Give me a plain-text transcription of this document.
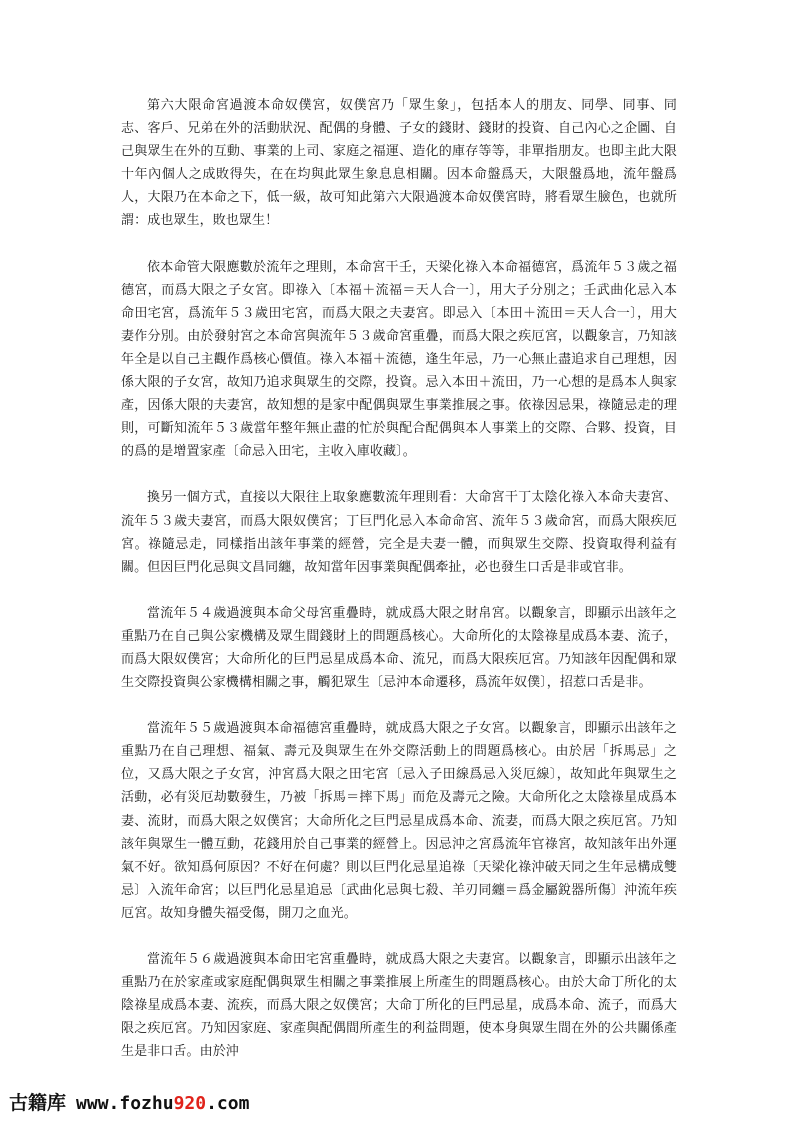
第六大限命宮過渡本命奴僕宮，奴僕宮乃「眾生象」，包括本人的朋友、同學、同事、同志、客戶、兄弟在外的活動狀況、配偶的身體、子女的錢財、錢財的投資、自己內心之企圖、自己與眾生在外的互動、事業的上司、家庭之福運、造化的庫存等等，非單指朋友。也即主此大限十年內個人之成敗得失，在在均與此眾生象息息相關。因本命盤爲天，大限盤爲地，流年盤爲人，大限乃在本命之下，低一級，故可知此第六大限過渡本命奴僕宮時，將看眾生臉色，也就所謂：成也眾生，敗也眾生！

依本命管大限應數於流年之理則，本命宮干壬，天梁化祿入本命福德宮，爲流年５３歲之福德宮，而爲大限之子女宮。即祿入〔本福＋流福＝天人合一〕，用大子分別之；壬武曲化忌入本命田宅宮，爲流年５３歲田宅宮，而爲大限之夫妻宮。即忌入〔本田＋流田＝天人合一〕，用大妻作分別。由於發射宮之本命宮與流年５３歲命宮重疊，而爲大限之疾厄宮，以觀象言，乃知該年全是以自己主觀作爲核心價值。祿入本福＋流德，逢生年忌，乃一心無止盡追求自己理想，因係大限的子女宮，故知乃追求與眾生的交際，投資。忌入本田＋流田，乃一心想的是爲本人與家產，因係大限的夫妻宮，故知想的是家中配偶與眾生事業推展之事。依祿因忌果，祿隨忌走的理則，可斷知流年５３歲當年整年無止盡的忙於與配合配偶與本人事業上的交際、合夥、投資，目的爲的是增置家產〔命忌入田宅，主收入庫收藏〕。

換另一個方式，直接以大限往上取象應數流年理則看：大命宮干丁太陰化祿入本命夫妻宮、流年５３歲夫妻宮，而爲大限奴僕宮；丁巨門化忌入本命命宮、流年５３歲命宮，而爲大限疾厄宮。祿隨忌走，同樣指出該年事業的經營，完全是夫妻一體，而與眾生交際、投資取得利益有關。但因巨門化忌與文昌同纏，故知當年因事業與配偶牽扯，必也發生口舌是非或官非。

當流年５４歲過渡與本命父母宮重疊時，就成爲大限之財帛宮。以觀象言，即顯示出該年之重點乃在自己與公家機構及眾生間錢財上的問題爲核心。大命所化的太陰祿星成爲本妻、流子，而爲大限奴僕宮；大命所化的巨門忌星成爲本命、流兄，而爲大限疾厄宮。乃知該年因配偶和眾生交際投資與公家機構相關之事，觸犯眾生〔忌沖本命遷移，爲流年奴僕〕，招惹口舌是非。

當流年５５歲過渡與本命福德宮重疊時，就成爲大限之子女宮。以觀象言，即顯示出該年之重點乃在自己理想、福氣、壽元及與眾生在外交際活動上的問題爲核心。由於居「拆馬忌」之位，又爲大限之子女宮，沖宮爲大限之田宅宮〔忌入子田線爲忌入災厄線〕，故知此年與眾生之活動，必有災厄劫數發生，乃被「拆馬＝摔下馬」而危及壽元之險。大命所化之太陰祿星成爲本妻、流財，而爲大限之奴僕宮；大命所化之巨門忌星成爲本命、流妻，而爲大限之疾厄宮。乃知該年與眾生一體互動，花錢用於自己事業的經營上。因忌沖之宮爲流年官祿宮，故知該年出外運氣不好。欲知爲何原因？不好在何處？則以巨門化忌星追祿〔天梁化祿沖破天同之生年忌構成雙忌〕入流年命宮；以巨門化忌星追忌〔武曲化忌與七殺、羊刃同纏＝爲金屬銳器所傷〕沖流年疾厄宮。故知身體失福受傷，開刀之血光。

當流年５６歲過渡與本命田宅宮重疊時，就成爲大限之夫妻宮。以觀象言，即顯示出該年之重點乃在於家產或家庭配偶與眾生相關之事業推展上所產生的問題爲核心。由於大命丁所化的太陰祿星成爲本妻、流疾，而爲大限之奴僕宮；大命丁所化的巨門忌星，成爲本命、流子，而爲大限之疾厄宮。乃知因家庭、家產與配偶間所產生的利益問題，使本身與眾生間在外的公共關係產生是非口舌。由於沖

古籍库 www.fozhu920.com
